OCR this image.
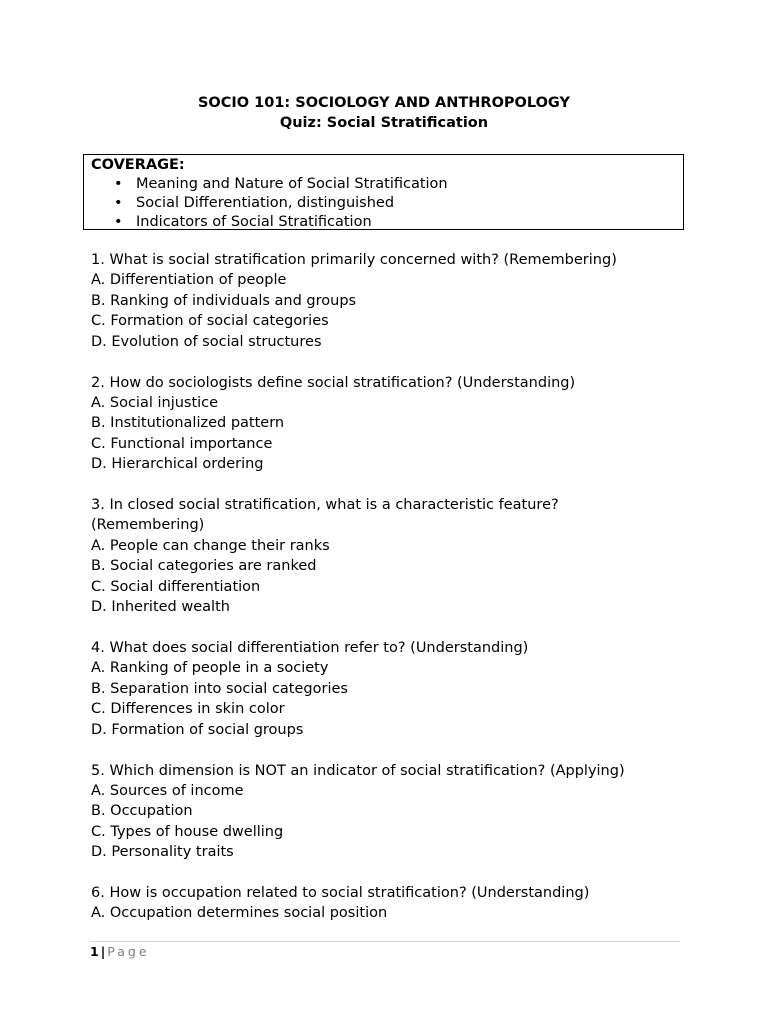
SOCIO 101: SOCIOLOGY AND ANTHROPOLOGY
Quiz: Social Stratification
COVERAGE:
• Meaning and Nature of Social Stratification
• Social Differentiation, distinguished
• Indicators of Social Stratification
1. What is social stratification primarily concerned with? (Remembering)
A. Differentiation of people
B. Ranking of individuals and groups
C. Formation of social categories
D. Evolution of social structures
2. How do sociologists define social stratification? (Understanding)
A. Social injustice
B. Institutionalized pattern
C. Functional importance
D. Hierarchical ordering
3. In closed social stratification, what is a characteristic feature?
(Remembering)
A. People can change their ranks
B. Social categories are ranked
C. Social differentiation
D. Inherited wealth
4. What does social differentiation refer to? (Understanding)
A. Ranking of people in a society
B. Separation into social categories
C. Differences in skin color
D. Formation of social groups
5. Which dimension is NOT an indicator of social stratification? (Applying)
A. Sources of income
B. Occupation
C. Types of house dwelling
D. Personality traits
6. How is occupation related to social stratification? (Understanding)
A. Occupation determines social position
1 | Page
